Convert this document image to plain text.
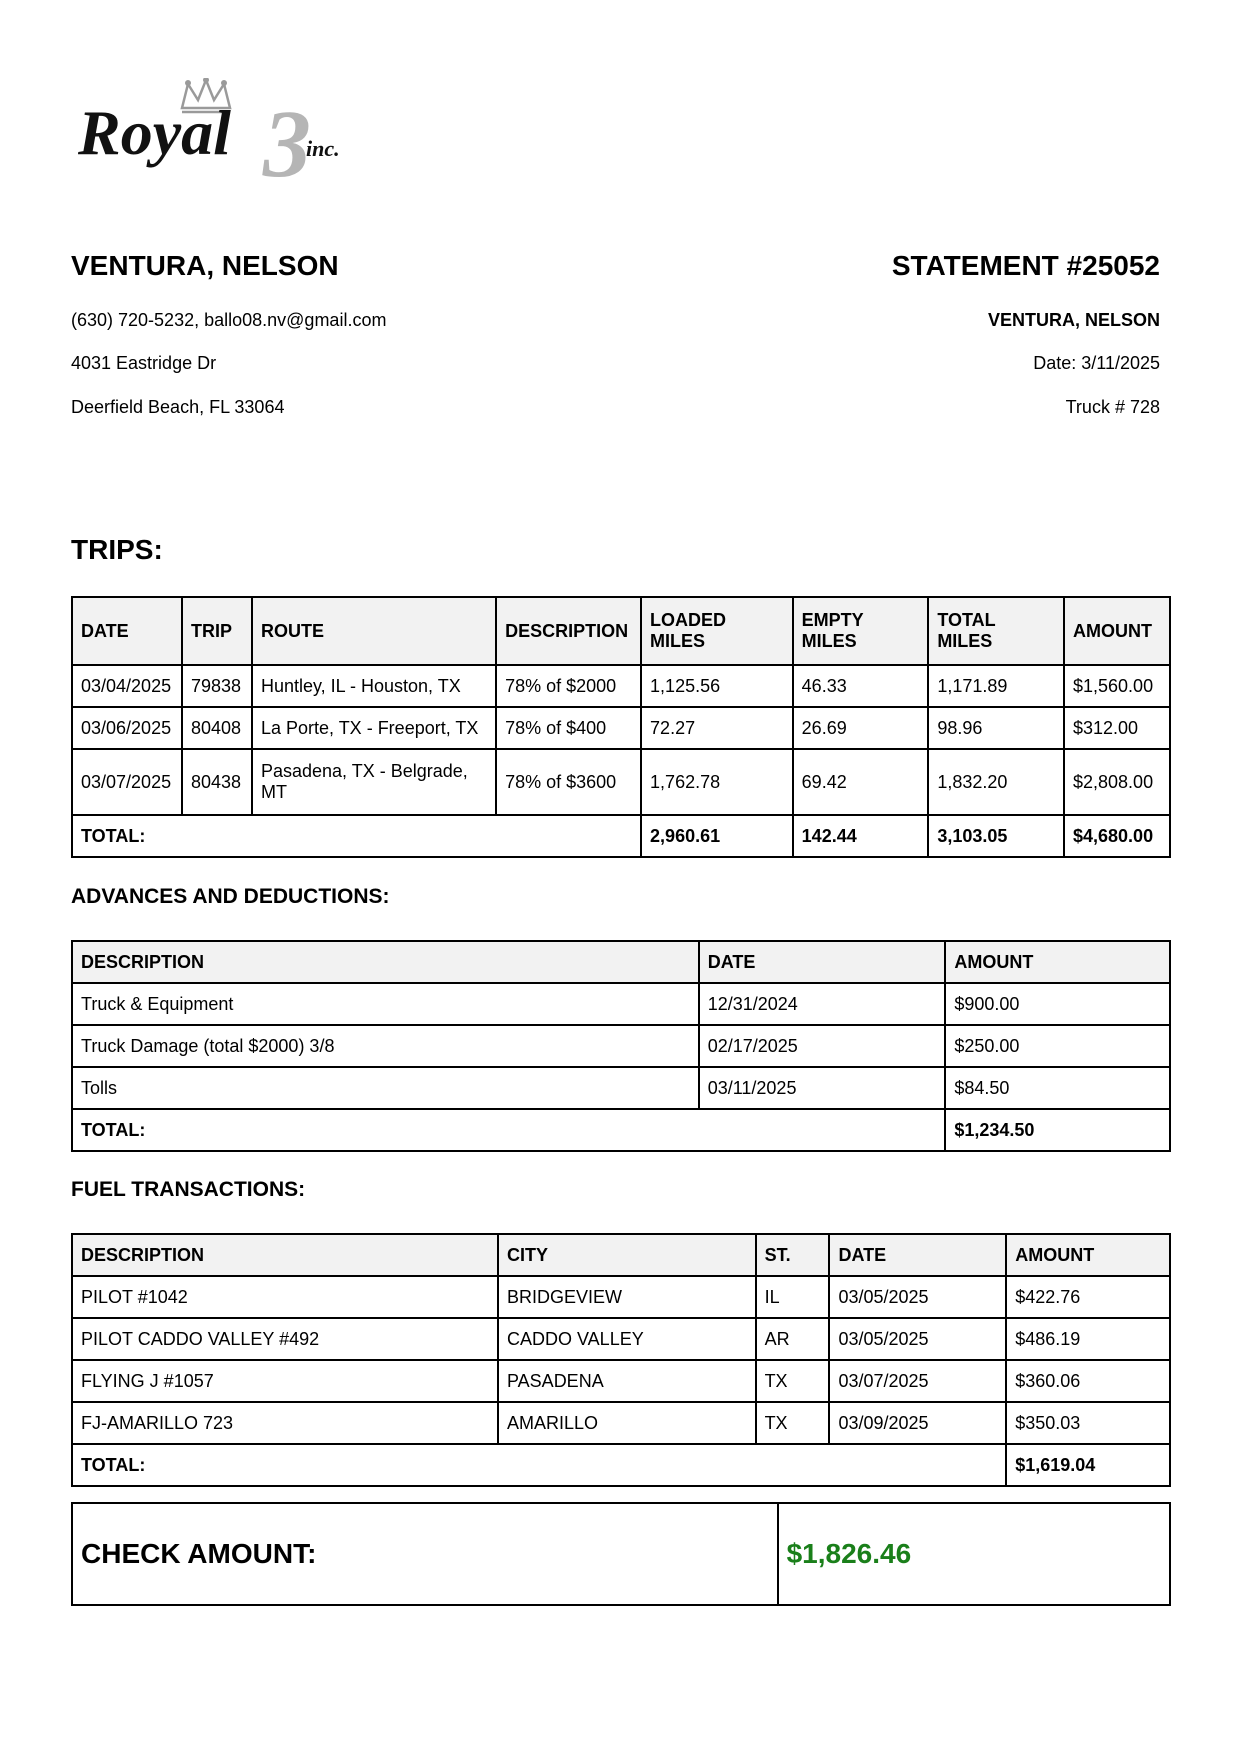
3
Royal	inc.
VENTURA, NELSON
(630) 720-5232, ballo08.nv@gmail.com
4031 Eastridge Dr
Deerfield Beach, FL 33064
STATEMENT #25052
VENTURA, NELSON
Date: 3/11/2025
Truck # 728
TRIPS:
DATE	TRIP	ROUTE	DESCRIPTION	LOADED MILES	EMPTY MILES	TOTAL MILES	AMOUNT
03/04/2025	79838	Huntley, IL - Houston, TX	78% of $2000	1,125.56	46.33	1,171.89	$1,560.00
03/06/2025	80408	La Porte, TX - Freeport, TX	78% of $400	72.27	26.69	98.96	$312.00
03/07/2025	80438	Pasadena, TX - Belgrade, MT	78% of $3600	1,762.78	69.42	1,832.20	$2,808.00
TOTAL:				2,960.61	142.44	3,103.05	$4,680.00
ADVANCES AND DEDUCTIONS:
DESCRIPTION	DATE	AMOUNT
Truck & Equipment	12/31/2024	$900.00
Truck Damage (total $2000) 3/8	02/17/2025	$250.00
Tolls	03/11/2025	$84.50
TOTAL:		$1,234.50
FUEL TRANSACTIONS:
DESCRIPTION	CITY	ST.	DATE	AMOUNT
PILOT #1042	BRIDGEVIEW	IL	03/05/2025	$422.76
PILOT CADDO VALLEY #492	CADDO VALLEY	AR	03/05/2025	$486.19
FLYING J #1057	PASADENA	TX	03/07/2025	$360.06
FJ-AMARILLO 723	AMARILLO	TX	03/09/2025	$350.03
TOTAL:				$1,619.04
CHECK AMOUNT:	$1,826.46
